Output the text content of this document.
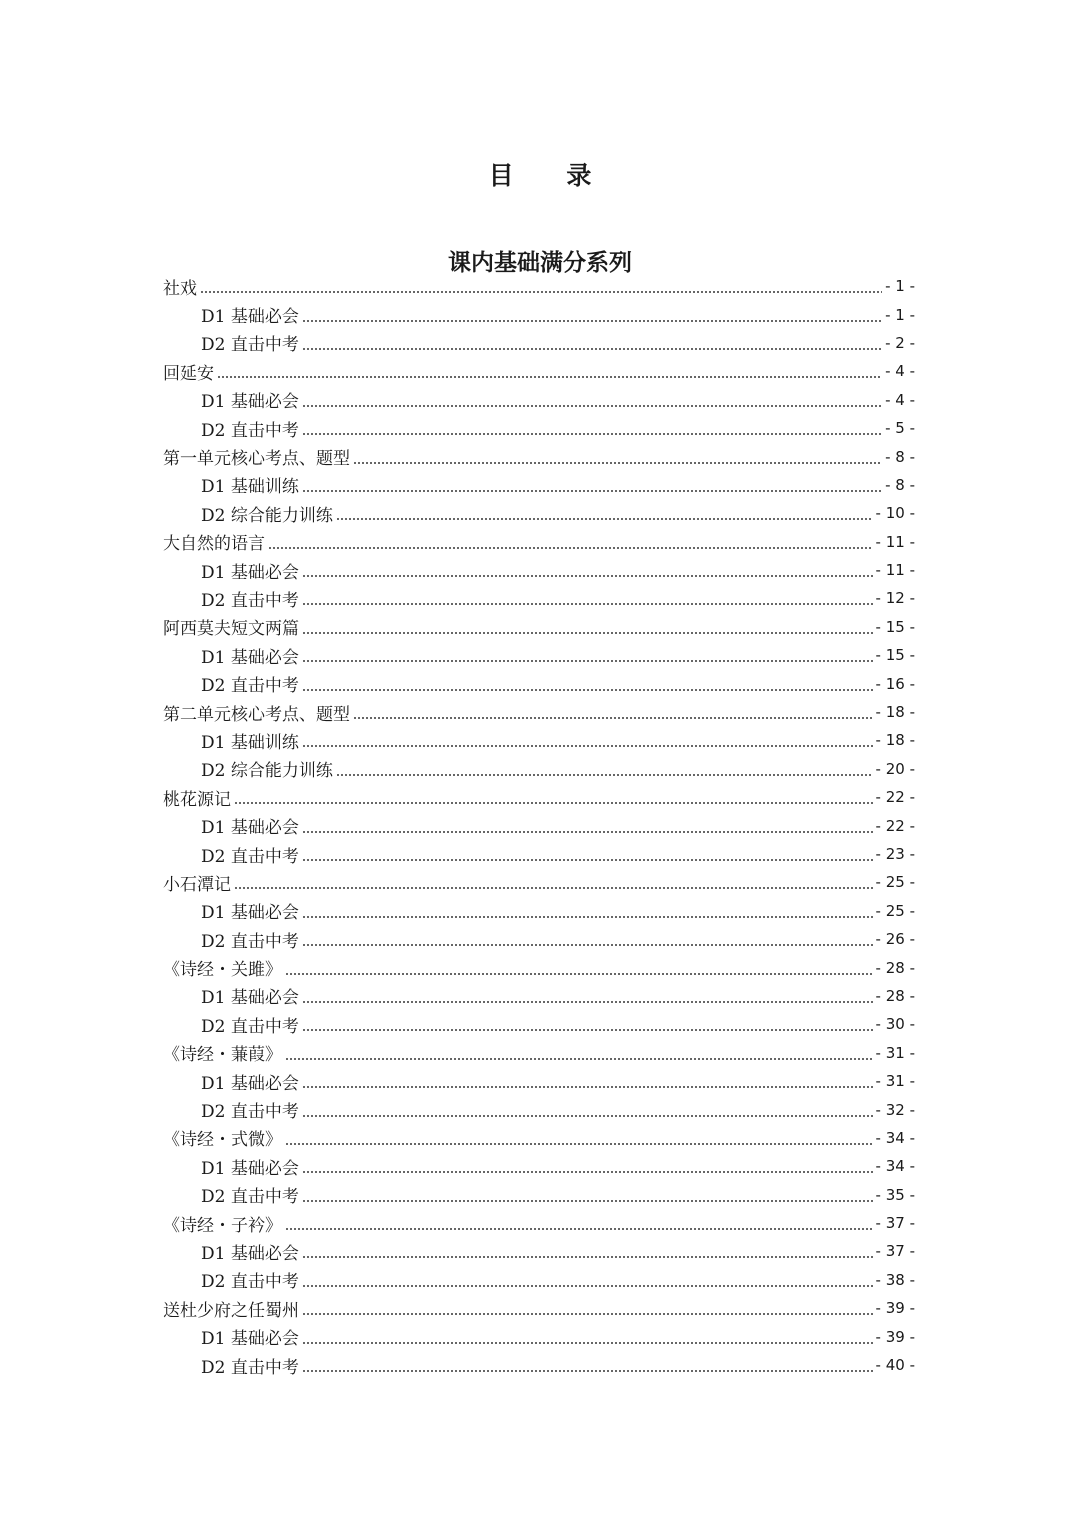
目 录
课内基础满分系列
社戏	- 1 -
D1 基础必会	- 1 -
D2 直击中考	- 2 -
回延安	- 4 -
D1 基础必会	- 4 -
D2 直击中考	- 5 -
第一单元核心考点、题型	- 8 -
D1 基础训练	- 8 -
D2 综合能力训练	- 10 -
大自然的语言	- 11 -
D1 基础必会	- 11 -
D2 直击中考	- 12 -
阿西莫夫短文两篇	- 15 -
D1 基础必会	- 15 -
D2 直击中考	- 16 -
第二单元核心考点、题型	- 18 -
D1 基础训练	- 18 -
D2 综合能力训练	- 20 -
桃花源记	- 22 -
D1 基础必会	- 22 -
D2 直击中考	- 23 -
小石潭记	- 25 -
D1 基础必会	- 25 -
D2 直击中考	- 26 -
《诗经・关雎》	- 28 -
D1 基础必会	- 28 -
D2 直击中考	- 30 -
《诗经・蒹葭》	- 31 -
D1 基础必会	- 31 -
D2 直击中考	- 32 -
《诗经・式微》	- 34 -
D1 基础必会	- 34 -
D2 直击中考	- 35 -
《诗经・子衿》	- 37 -
D1 基础必会	- 37 -
D2 直击中考	- 38 -
送杜少府之任蜀州	- 39 -
D1 基础必会	- 39 -
D2 直击中考	- 40 -
